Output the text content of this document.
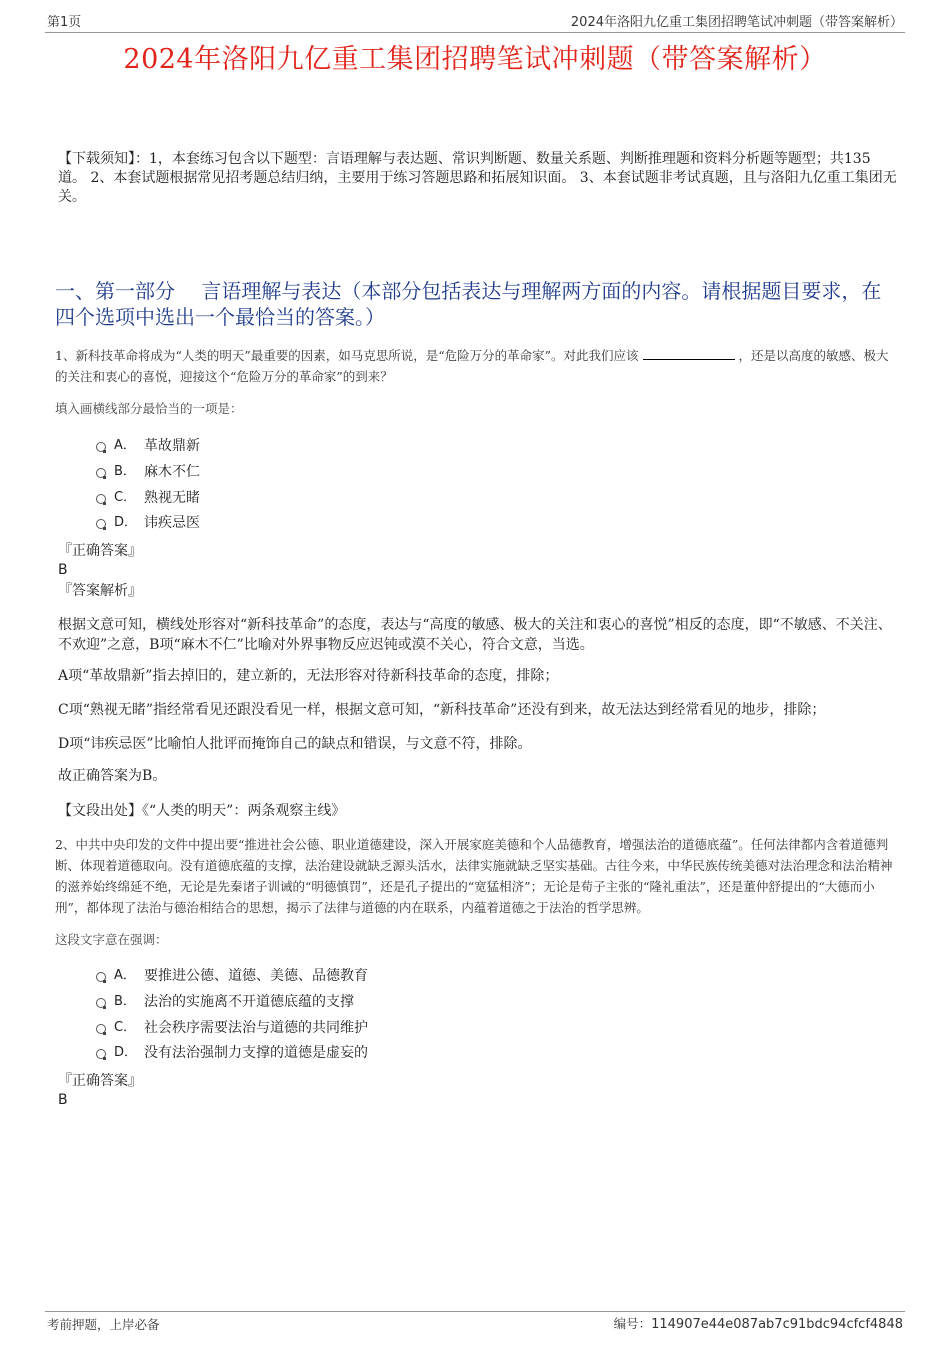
第1页	2024年洛阳九亿重工集团招聘笔试冲刺题（带答案解析）
2024年洛阳九亿重工集团招聘笔试冲刺题（带答案解析）
【下载须知】：1，本套练习包含以下题型：言语理解与表达题、常识判断题、数量关系题、判断推理题和资料分析题等题型；共135道。 2、本套试题根据常见招考题总结归纳，主要用于练习答题思路和拓展知识面。 3、本套试题非考试真题，且与洛阳九亿重工集团无关。
一、第一部分　 言语理解与表达（本部分包括表达与理解两方面的内容。请根据题目要求，在四个选项中选出一个最恰当的答案。）
1、新科技革命将成为“人类的明天”最重要的因素，如马克思所说，是“危险万分的革命家”。对此我们应该	，还是以高度的敏感、极大的关注和衷心的喜悦，迎接这个“危险万分的革命家”的到来？
填入画横线部分最恰当的一项是：
A． 革故鼎新
B． 麻木不仁
C． 熟视无睹
D． 讳疾忌医
『正确答案』
B
『答案解析』
根据文意可知，横线处形容对“新科技革命”的态度，表达与“高度的敏感、极大的关注和衷心的喜悦”相反的态度，即“不敏感、不关注、不欢迎”之意，B项“麻木不仁”比喻对外界事物反应迟钝或漠不关心，符合文意，当选。
A项“革故鼎新”指去掉旧的，建立新的，无法形容对待新科技革命的态度，排除；
C项“熟视无睹”指经常看见还跟没看见一样，根据文意可知，“新科技革命”还没有到来，故无法达到经常看见的地步，排除；
D项“讳疾忌医”比喻怕人批评而掩饰自己的缺点和错误，与文意不符，排除。
故正确答案为B。
【文段出处】《“人类的明天”：两条观察主线》
2、中共中央印发的文件中提出要“推进社会公德、职业道德建设，深入开展家庭美德和个人品德教育，增强法治的道德底蕴”。任何法律都内含着道德判断、体现着道德取向。没有道德底蕴的支撑，法治建设就缺乏源头活水，法律实施就缺乏坚实基础。古往今来，中华民族传统美德对法治理念和法治精神的滋养始终绵延不绝，无论是先秦诸子训诫的“明德慎罚”，还是孔子提出的“宽猛相济”；无论是荀子主张的“隆礼重法”，还是董仲舒提出的“大德而小刑”，都体现了法治与德治相结合的思想，揭示了法律与道德的内在联系，内蕴着道德之于法治的哲学思辨。
这段文字意在强调：
A． 要推进公德、道德、美德、品德教育
B． 法治的实施离不开道德底蕴的支撑
C． 社会秩序需要法治与道德的共同维护
D． 没有法治强制力支撑的道德是虚妄的
『正确答案』
B
考前押题，上岸必备	编号：114907e44e087ab7c91bdc94cfcf4848
